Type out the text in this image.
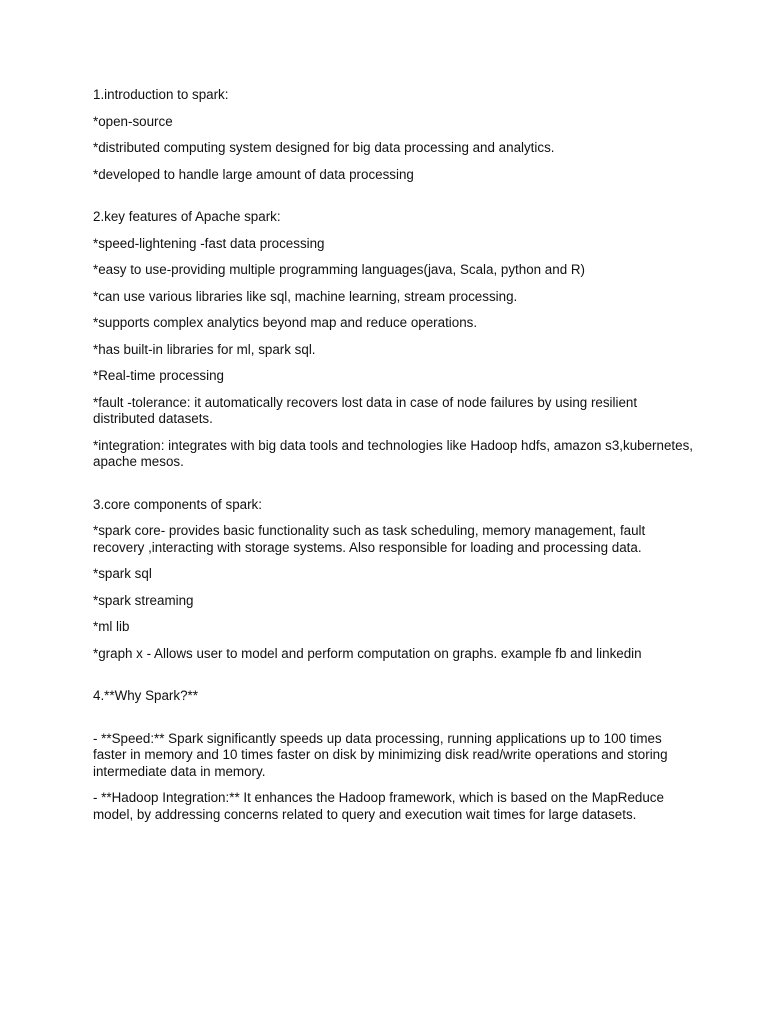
1.introduction to spark:

*open-source

*distributed computing system designed for big data processing and analytics.

*developed to handle large amount of data processing

2.key features of Apache spark:

*speed-lightening -fast data processing

*easy to use-providing multiple programming languages(java, Scala, python and R)

*can use various libraries like sql, machine learning, stream processing.

*supports complex analytics beyond map and reduce operations.

*has built-in libraries for ml, spark sql.

*Real-time processing

*fault -tolerance: it automatically recovers lost data in case of node failures by using resilient distributed datasets.

*integration: integrates with big data tools and technologies like Hadoop hdfs, amazon s3,kubernetes, apache mesos.

3.core components of spark:

*spark core- provides basic functionality such as task scheduling, memory management, fault recovery ,interacting with storage systems. Also responsible for loading and processing data.

*spark sql

*spark streaming

*ml lib

*graph x - Allows user to model and perform computation on graphs. example fb and linkedin

4.**Why Spark?**

- **Speed:** Spark significantly speeds up data processing, running applications up to 100 times faster in memory and 10 times faster on disk by minimizing disk read/write operations and storing intermediate data in memory.

- **Hadoop Integration:** It enhances the Hadoop framework, which is based on the MapReduce model, by addressing concerns related to query and execution wait times for large datasets.
